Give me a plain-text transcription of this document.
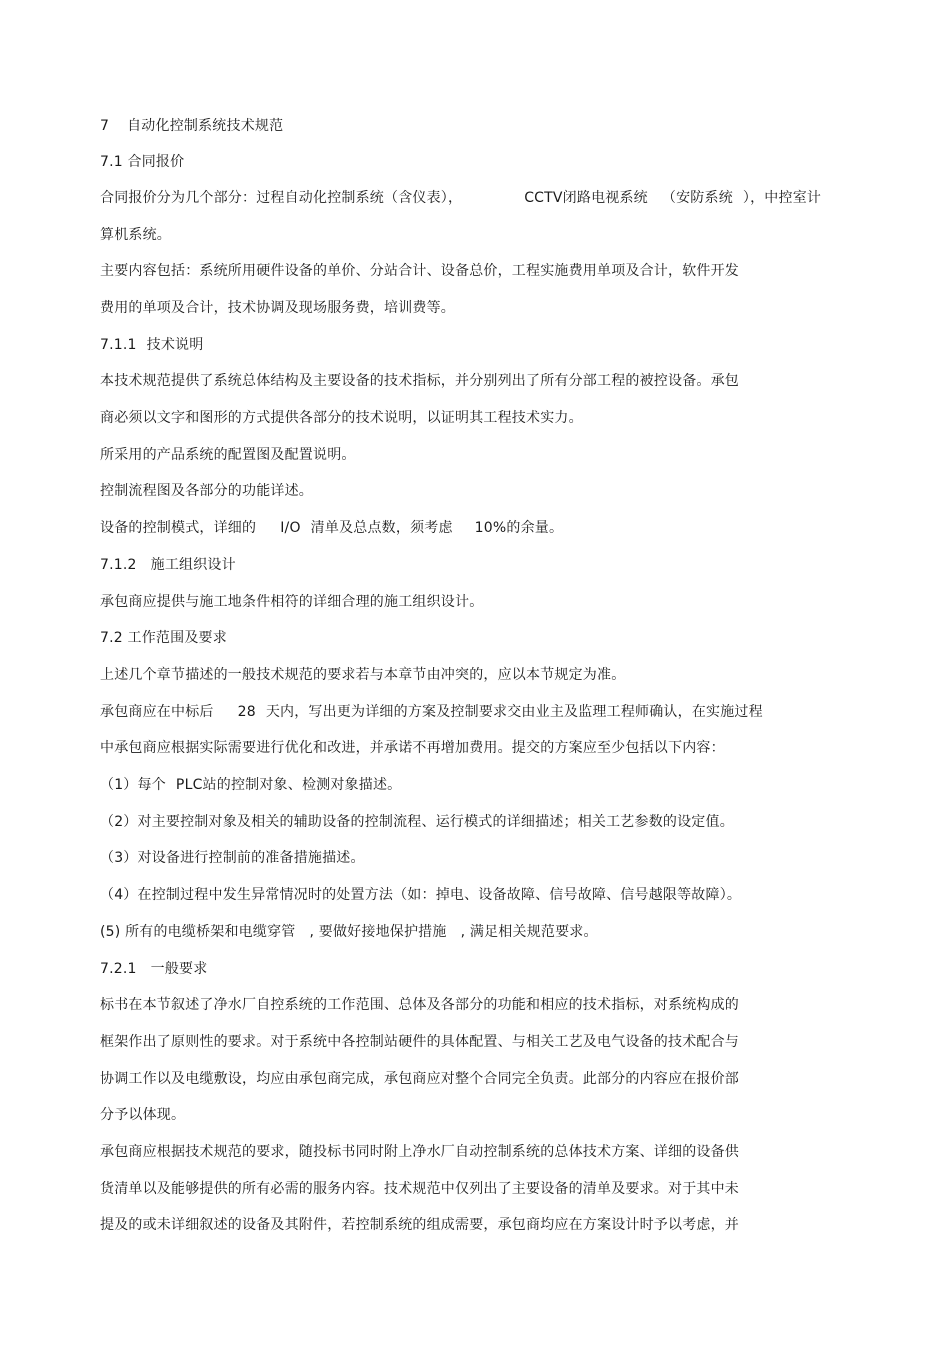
7 自动化控制系统技术规范
7.1 合同报价
合同报价分为几个部分：过程自动化控制系统（含仪表），	CCTV闭路电视系统 （安防系统 ），中控室计
算机系统。
主要内容包括：系统所用硬件设备的单价、分站合计、设备总价，工程实施费用单项及合计，软件开发
费用的单项及合计，技术协调及现场服务费，培训费等。
7.1.1 技术说明
本技术规范提供了系统总体结构及主要设备的技术指标，并分别列出了所有分部工程的被控设备。承包
商必须以文字和图形的方式提供各部分的技术说明，以证明其工程技术实力。
所采用的产品系统的配置图及配置说明。
控制流程图及各部分的功能详述。
设备的控制模式，详细的 I/O 清单及总点数，须考虑 10%的余量。
7.1.2 施工组织设计
承包商应提供与施工地条件相符的详细合理的施工组织设计。
7.2 工作范围及要求
上述几个章节描述的一般技术规范的要求若与本章节由冲突的，应以本节规定为准。
承包商应在中标后 28 天内，写出更为详细的方案及控制要求交由业主及监理工程师确认，在实施过程
中承包商应根据实际需要进行优化和改进，并承诺不再增加费用。提交的方案应至少包括以下内容：
（1）每个 PLC站的控制对象、检测对象描述。
（2）对主要控制对象及相关的辅助设备的控制流程、运行模式的详细描述；相关工艺参数的设定值。
（3）对设备进行控制前的准备措施描述。
（4）在控制过程中发生异常情况时的处置方法（如：掉电、设备故障、信号故障、信号越限等故障）。
(5) 所有的电缆桥架和电缆穿管 , 要做好接地保护措施 , 满足相关规范要求。
7.2.1 一般要求
标书在本节叙述了净水厂自控系统的工作范围、总体及各部分的功能和相应的技术指标，对系统构成的
框架作出了原则性的要求。对于系统中各控制站硬件的具体配置、与相关工艺及电气设备的技术配合与
协调工作以及电缆敷设，均应由承包商完成，承包商应对整个合同完全负责。此部分的内容应在报价部
分予以体现。
承包商应根据技术规范的要求，随投标书同时附上净水厂自动控制系统的总体技术方案、详细的设备供
货清单以及能够提供的所有必需的服务内容。技术规范中仅列出了主要设备的清单及要求。对于其中未
提及的或未详细叙述的设备及其附件，若控制系统的组成需要，承包商均应在方案设计时予以考虑，并
